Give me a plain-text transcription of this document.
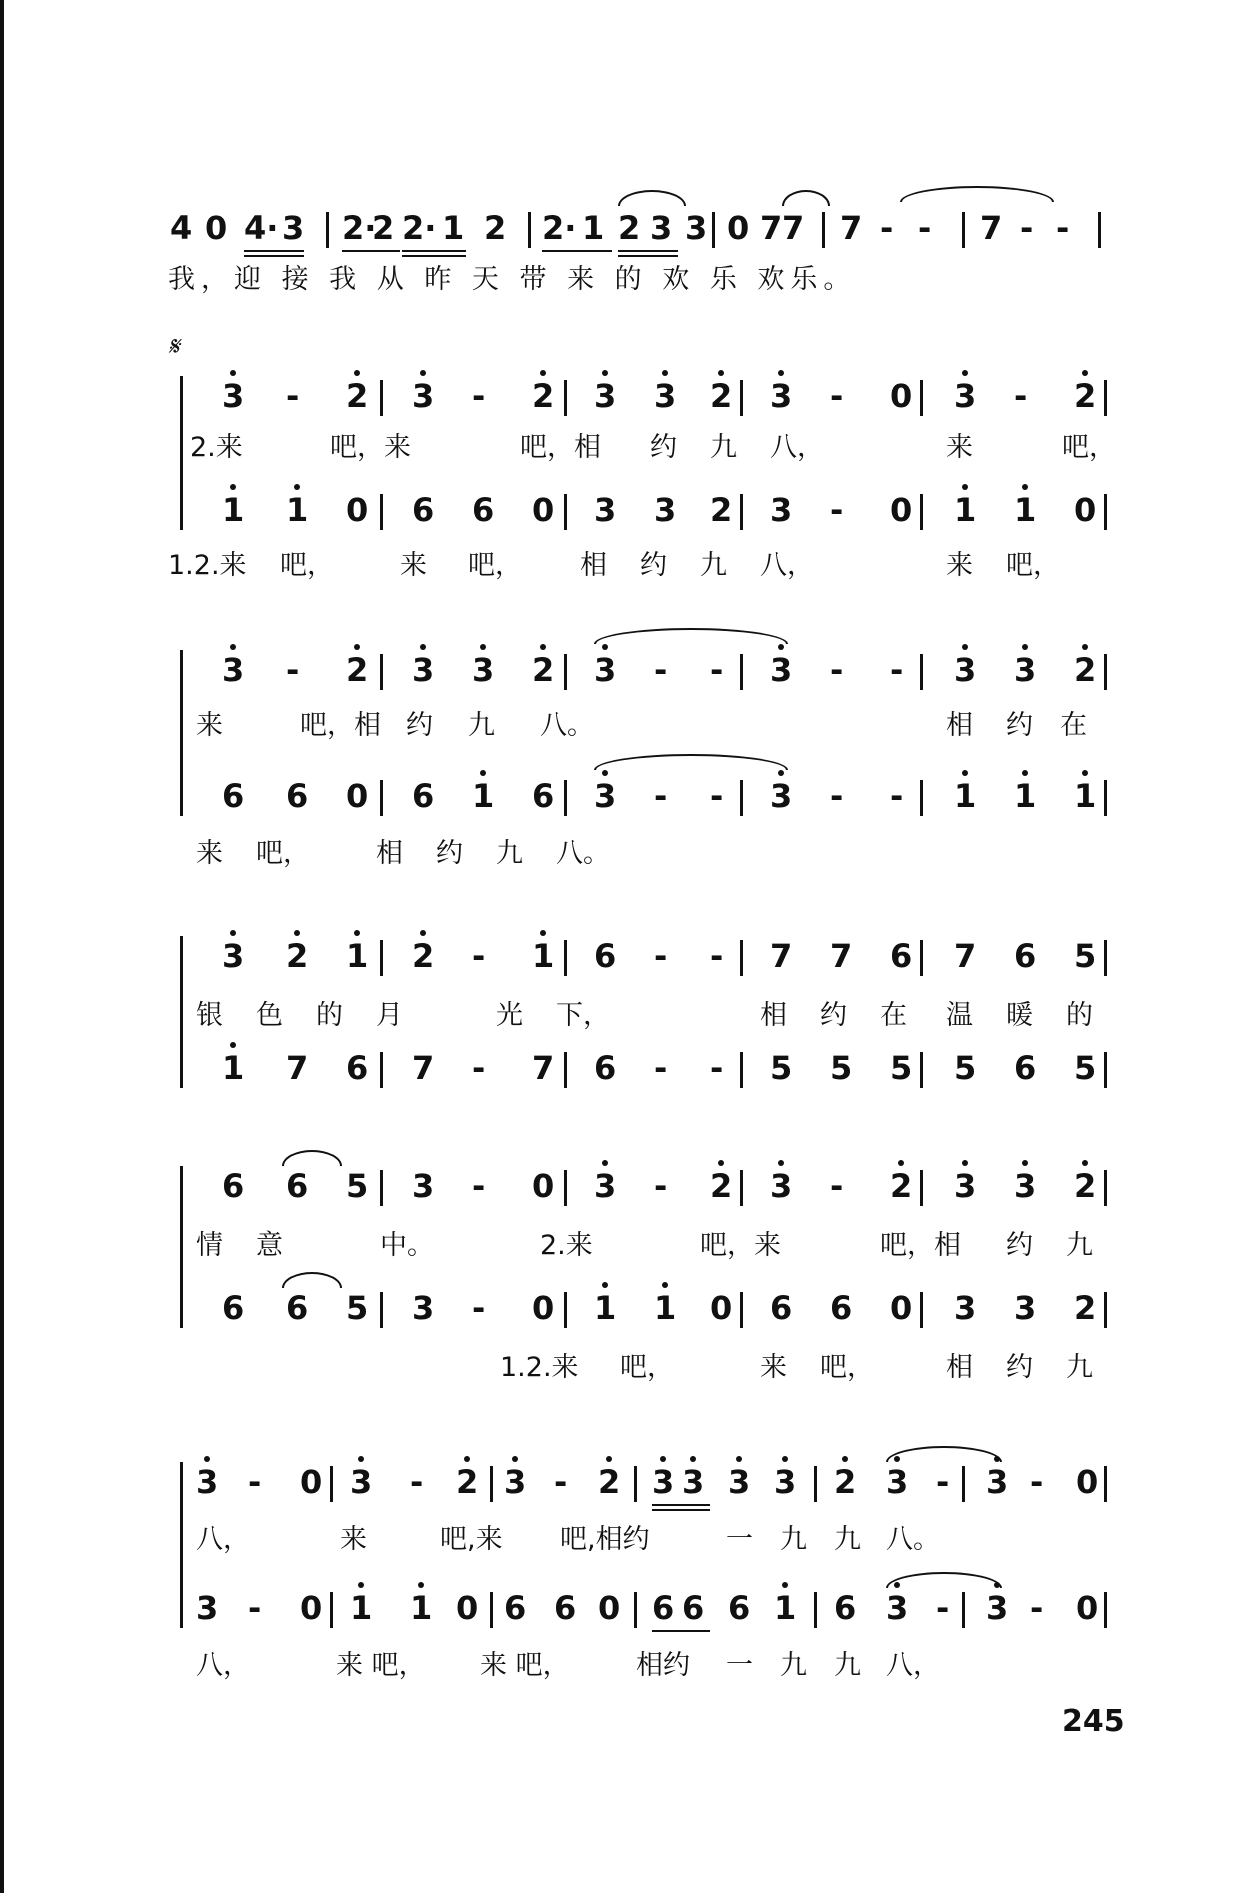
4 0 4· 3 2·
2 2· 1 2 2· 1 2 3 3 0 7 7 7 - - 7 - -
我，迎 接 我 从 昨 天 带 来 的 欢 乐 欢乐。
𝄋
3 - 2 3 - 2 3 3 2 3 - 0 3 - 2
1 1 0 6 6 0 3 3 2 3 - 0 1 1 0
2.来	吧，来	吧，相 约 九 八，	来	吧，
1.2.来 吧， 来 吧， 相 约 九 八，	来 吧，
3 - 2 3 3 2 3 - - 3 - - 3 3 2
6 6 0 6 1 6 3 - - 3 - - 1 1 1
来	吧，相 约 九 八。	相 约 在
来 吧， 相 约 九 八。
3 2 1 2 - 1 6 - - 7 7 6 7 6 5
1 7 6 7 - 7 6 - - 5 5 5 5 6 5
银 色 的 月	光 下，	相 约 在 温 暖 的
6 6 5 3 - 0 3 - 2 3 - 2 3 3 2
6 6 5 3 - 0 1 1 0 6 6 0 3 3 2
情 意	中。	2.来	吧，来	吧，相 约 九
1.2.来 吧，	来 吧，	相 约 九
3 - 0 3 - 2 3 - 2 3 3 3 3 2 3 - 3 - 0
3 - 0 1 1 0 6 6 0 6 6 6 1 6 3 - 3 - 0
八，	来	吧,来 吧,相约	一 九 九 八。
八，	来 吧， 来 吧， 相约 一 九 九 八，
245
